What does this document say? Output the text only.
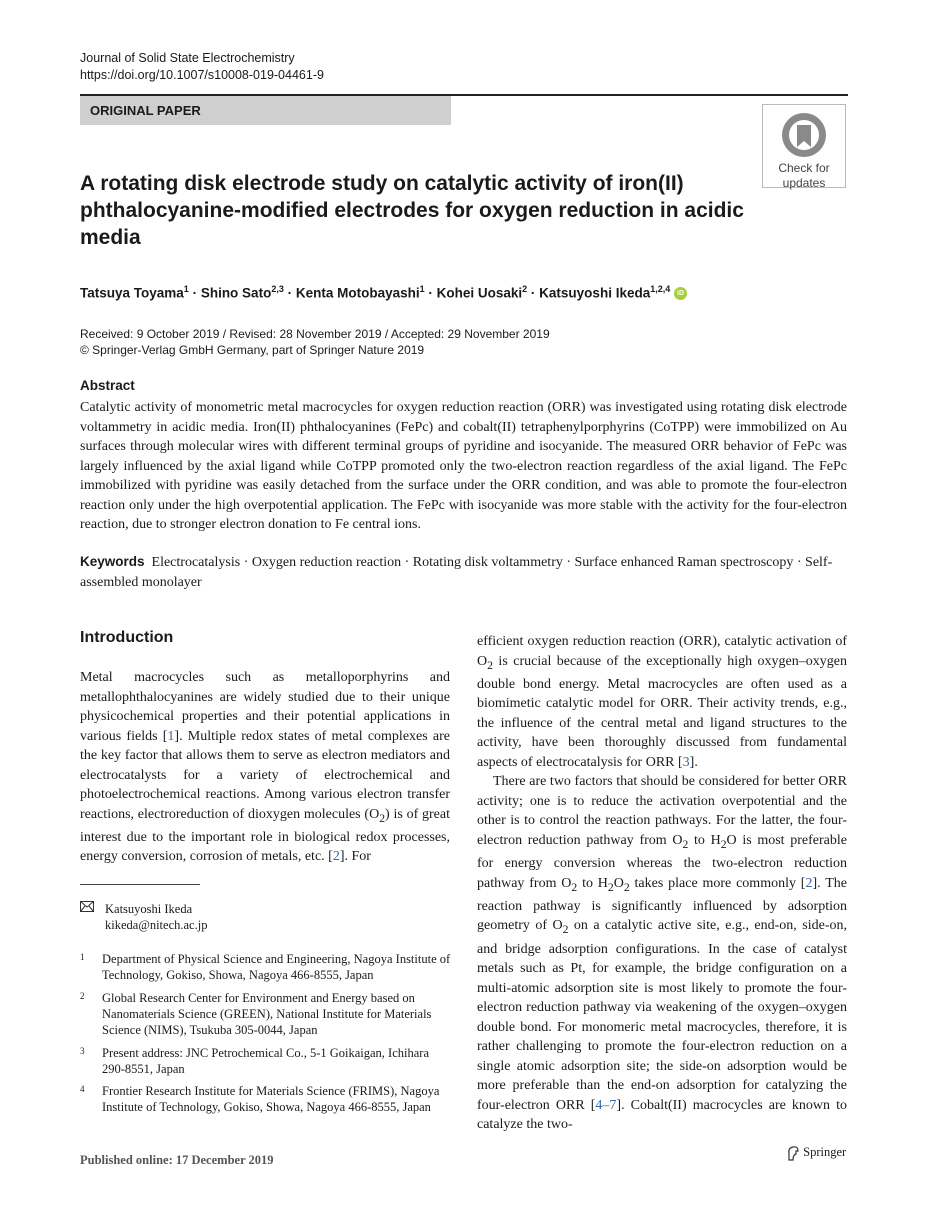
Journal of Solid State Electrochemistry
https://doi.org/10.1007/s10008-019-04461-9
ORIGINAL PAPER
Check for
updates
A rotating disk electrode study on catalytic activity of iron(II) phthalocyanine-modified electrodes for oxygen reduction in acidic media
Tatsuya Toyama$^1$ · Shino Sato$^{2,3}$ · Kenta Motobayashi$^1$ · Kohei Uosaki$^2$ · Katsuyoshi Ikeda$^{1,2,4}$ iD
Received: 9 October 2019 / Revised: 28 November 2019 / Accepted: 29 November 2019
© Springer-Verlag GmbH Germany, part of Springer Nature 2019
Abstract
Catalytic activity of monometric metal macrocycles for oxygen reduction reaction (ORR) was investigated using rotating disk electrode voltammetry in acidic media. Iron(II) phthalocyanines (FePc) and cobalt(II) tetraphenylporphyrins (CoTPP) were immobilized on Au surfaces through molecular wires with different terminal groups of pyridine and isocyanide. The measured ORR behavior of FePc was largely influenced by the axial ligand while CoTPP promoted only the two-electron reaction regardless of the axial ligand. The FePc immobilized with pyridine was easily detached from the surface under the ORR condition, and was able to promote the four-electron reaction only under the high overpotential application. The FePc with isocyanide was more stable with the activity for the four-electron reaction, due to stronger electron donation to Fe central ions.
Keywords Electrocatalysis · Oxygen reduction reaction · Rotating disk voltammetry · Surface enhanced Raman spectroscopy · Self-assembled monolayer
Introduction

Metal macrocycles such as metalloporphyrins and metallophthalocyanines are widely studied due to their unique physicochemical properties and their potential applications in various fields [1]. Multiple redox states of metal complexes are the key factor that allows them to serve as electron mediators and electrocatalysts for a variety of electrochemical and photoelectrochemical reactions. Among various electron transfer reactions, electroreduction of dioxygen molecules $(O_2)$ is of great interest due to the important role in biological redox processes, energy conversion, corrosion of metals, etc. [2]. For

efficient oxygen reduction reaction (ORR), catalytic activation of $O_2$ is crucial because of the exceptionally high oxygen–oxygen double bond energy. Metal macrocycles are often used as a biomimetic catalytic model for ORR. Their activity trends, e.g., the influence of the central metal and ligand structures to the activity, have been thoroughly discussed from fundamental aspects of electrocatalysis for ORR [3].

There are two factors that should be considered for better ORR activity; one is to reduce the activation overpotential and the other is to control the reaction pathways. For the latter, the four-electron reduction pathway from $O_2$ to $H_2O$ is most preferable for energy conversion whereas the two-electron reduction pathway from $O_2$ to $H_2O_2$ takes place more commonly [2]. The reaction pathway is significantly influenced by adsorption geometry of $O_2$ on a catalytic active site, e.g., end-on, side-on, and bridge adsorption configurations. In the case of catalyst metals such as Pt, for example, the bridge configuration on a multi-atomic adsorption site is most likely to promote the four-electron reduction pathway via weakening of the oxygen–oxygen double bond. For monomeric metal macrocycles, therefore, it is rather challenging to promote the four-electron reduction on a single atomic adsorption site; the side-on adsorption would be more preferable than the end-on adsorption for catalyzing the four-electron ORR [4–7]. Cobalt(II) macrocycles are known to catalyze the two-

Katsuyoshi Ikeda
kikeda@nitech.ac.jp
1 Department of Physical Science and Engineering, Nagoya Institute of Technology, Gokiso, Showa, Nagoya 466-8555, Japan
2 Global Research Center for Environment and Energy based on Nanomaterials Science (GREEN), National Institute for Materials Science (NIMS), Tsukuba 305-0044, Japan
3 Present address: JNC Petrochemical Co., 5-1 Goikaigan, Ichihara 290-8551, Japan
4 Frontier Research Institute for Materials Science (FRIMS), Nagoya Institute of Technology, Gokiso, Showa, Nagoya 466-8555, Japan
Published online: 17 December 2019
Springer
